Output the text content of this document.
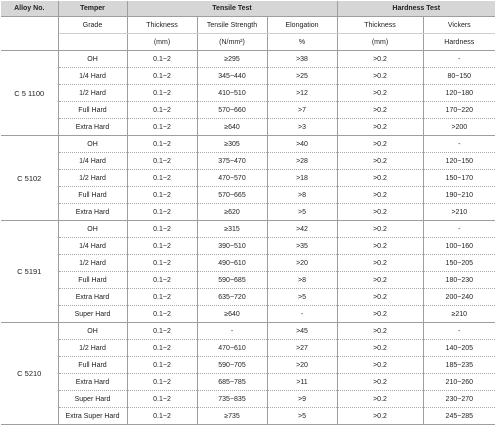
Alloy No.	Temper	Tensile Test			Hardness Test	
	Grade	Thickness	Tensile Strength	Elongation	Thickness	Vickers
		(mm)	(N/mm²)	%	(mm)	Hardness
C 5 1100	OH	0.1~2	≥295	>38	>0.2	-
	1/4 Hard	0.1~2	345~440	>25	>0.2	80~150
	1/2 Hard	0.1~2	410~510	>12	>0.2	120~180
	Full Hard	0.1~2	570~660	>7	>0.2	170~220
	Extra Hard	0.1~2	≥640	>3	>0.2	>200
C 5102	OH	0.1~2	≥305	>40	>0.2	-
	1/4 Hard	0.1~2	375~470	>28	>0.2	120~150
	1/2 Hard	0.1~2	470~570	>18	>0.2	150~170
	Full Hard	0.1~2	570~665	>8	>0.2	190~210
	Extra Hard	0.1~2	≥620	>5	>0.2	>210
C 5191	OH	0.1~2	≥315	>42	>0.2	-
	1/4 Hard	0.1~2	390~510	>35	>0.2	100~160
	1/2 Hard	0.1~2	490~610	>20	>0.2	150~205
	Full Hard	0.1~2	590~685	>8	>0.2	180~230
	Extra Hard	0.1~2	635~720	>5	>0.2	200~240
	Super Hard	0.1~2	≥640	-	>0.2	≥210
C 5210	OH	0.1~2	-	>45	>0.2	-
	1/2 Hard	0.1~2	470~610	>27	>0.2	140~205
	Full Hard	0.1~2	590~705	>20	>0.2	185~235
	Extra Hard	0.1~2	685~785	>11	>0.2	210~260
	Super Hard	0.1~2	735~835	>9	>0.2	230~270
	Extra Super Hard	0.1~2	≥735	>5	>0.2	245~285
